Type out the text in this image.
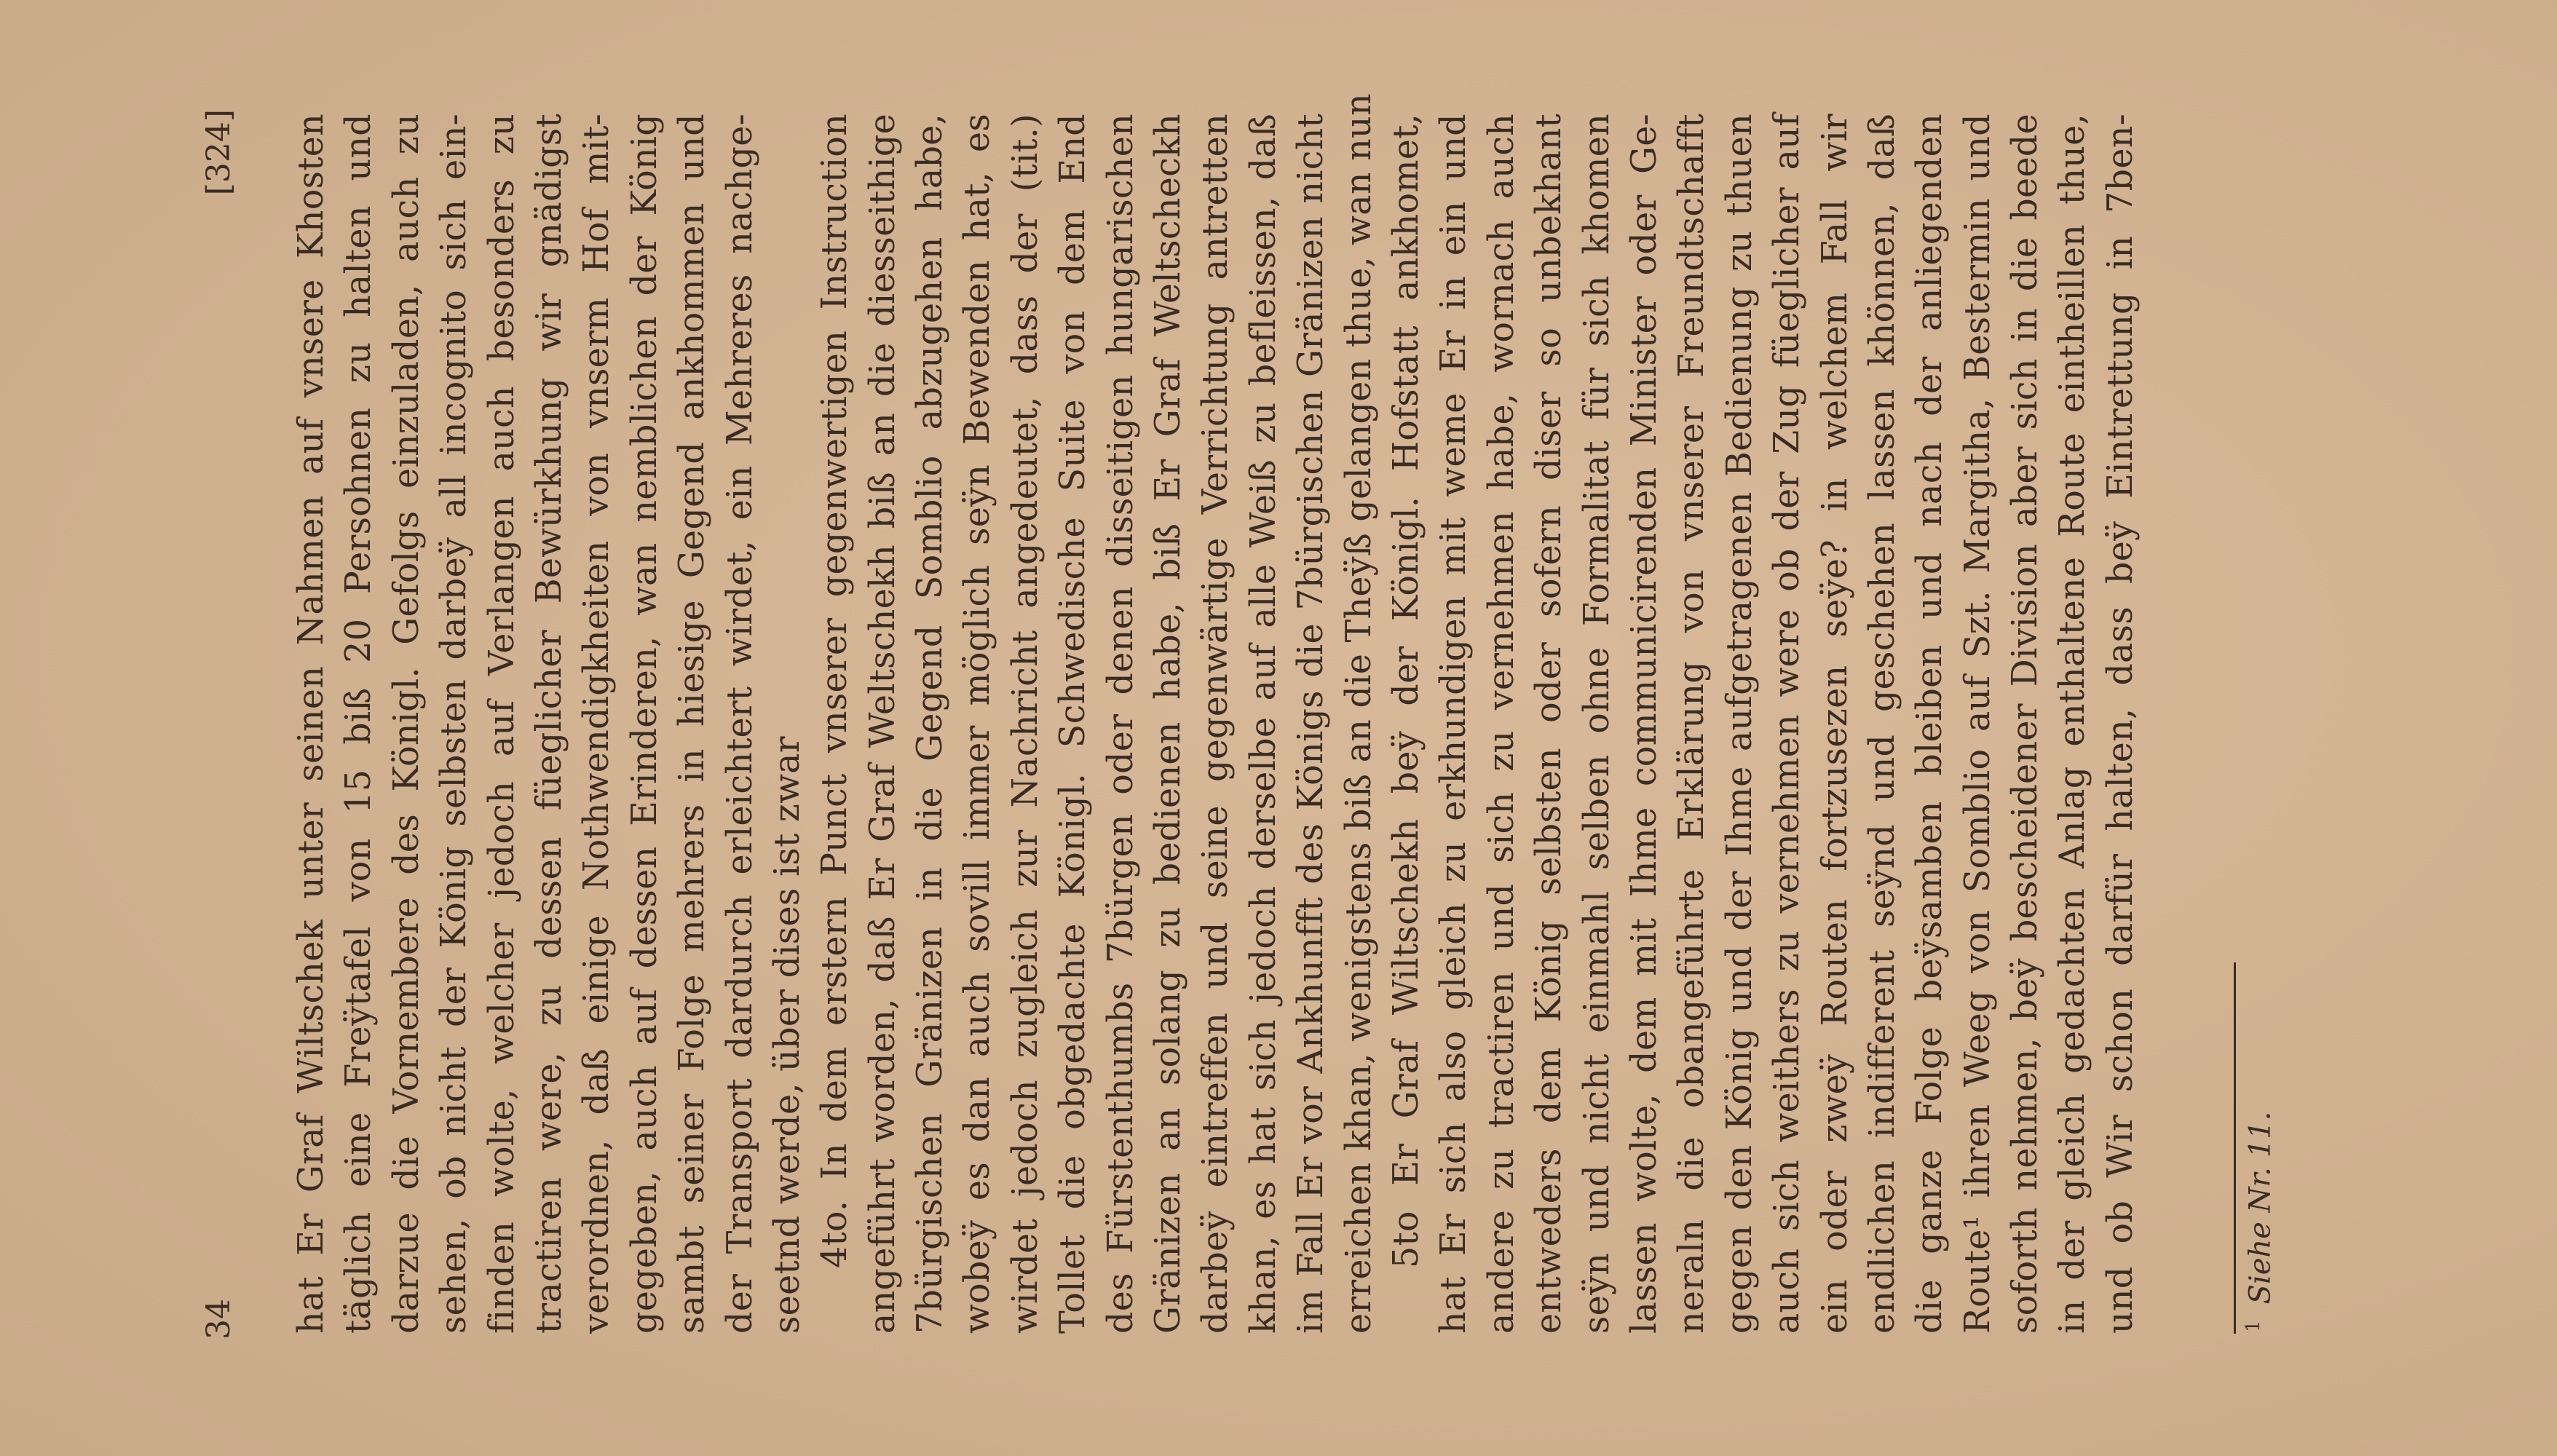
34
[324] hat Er Graf Wiltschek unter seinen Nahmen auf vnsere Khosten täglich eine Freÿtafel von 15 biß 20 Persohnen zu halten und darzue die Vornembere des Königl. Gefolgs einzuladen, auch zu sehen, ob nicht der König selbsten darbeÿ all incognito sich ein- finden wolte, welcher jedoch auf Verlangen auch besonders zu tractiren were, zu dessen füeglicher Bewürkhung wir gnädigst verordnen, daß einige Nothwendigkheiten von vnserm Hof mit- gegeben, auch auf dessen Erinderen, wan nemblichen der König sambt seiner Folge mehrers in hiesige Gegend ankhommen und der Transport dardurch erleichtert wirdet, ein Mehreres nachge- seetnd werde, über dises ist zwar 4to. In dem erstern Punct vnserer gegenwertigen Instruction angeführt worden, daß Er Graf Weltschekh biß an die diesseithige 7bürgischen Gränizen in die Gegend Somblio abzugehen habe, wobeÿ es dan auch sovill immer möglich seÿn Bewenden hat, es wirdet jedoch zugleich zur Nachricht angedeutet, dass der (tit.) Tollet die obgedachte Königl. Schwedische Suite von dem End des Fürstenthumbs 7bürgen oder denen disseitigen hungarischen Gränizen an solang zu bedienen habe, biß Er Graf Weltscheckh darbeÿ eintreffen und seine gegenwärtige Verrichtung antretten khan, es hat sich jedoch derselbe auf alle Weiß zu befleissen, daß im Fall Er vor Ankhunfft des Königs die 7bürgischen Gränizen nicht erreichen khan, wenigstens biß an die Theÿß gelangen thue, wan nun 5to Er Graf Wiltschekh beÿ der Königl. Hofstatt ankhomet, hat Er sich also gleich zu erkhundigen mit weme Er in ein und andere zu tractiren und sich zu vernehmen habe, wornach auch entweders dem König selbsten oder sofern diser so unbekhant seÿn und nicht einmahl selben ohne Formalitat für sich khomen lassen wolte, dem mit Ihme communicirenden Minister oder Ge- neraln die obangeführte Erklärung von vnserer Freundtschafft gegen den König und der Ihme aufgetragenen Bedienung zu thuen auch sich weithers zu vernehmen were ob der Zug füeglicher auf ein oder zweÿ Routen fortzusezen seÿe? in welchem Fall wir endlichen indifferent seÿnd und geschehen lassen khönnen, daß die ganze Folge beÿsamben bleiben und nach der anliegenden Route¹ ihren Weeg von Somblio auf Szt. Margitha, Bestermin und soforth nehmen, beÿ bescheidener Division aber sich in die beede in der gleich gedachten Anlag enthaltene Route eintheillen thue, und ob Wir schon darfür halten, dass beÿ Eintrettung in 7ben-	$^1$Siehe Nr. 11.
